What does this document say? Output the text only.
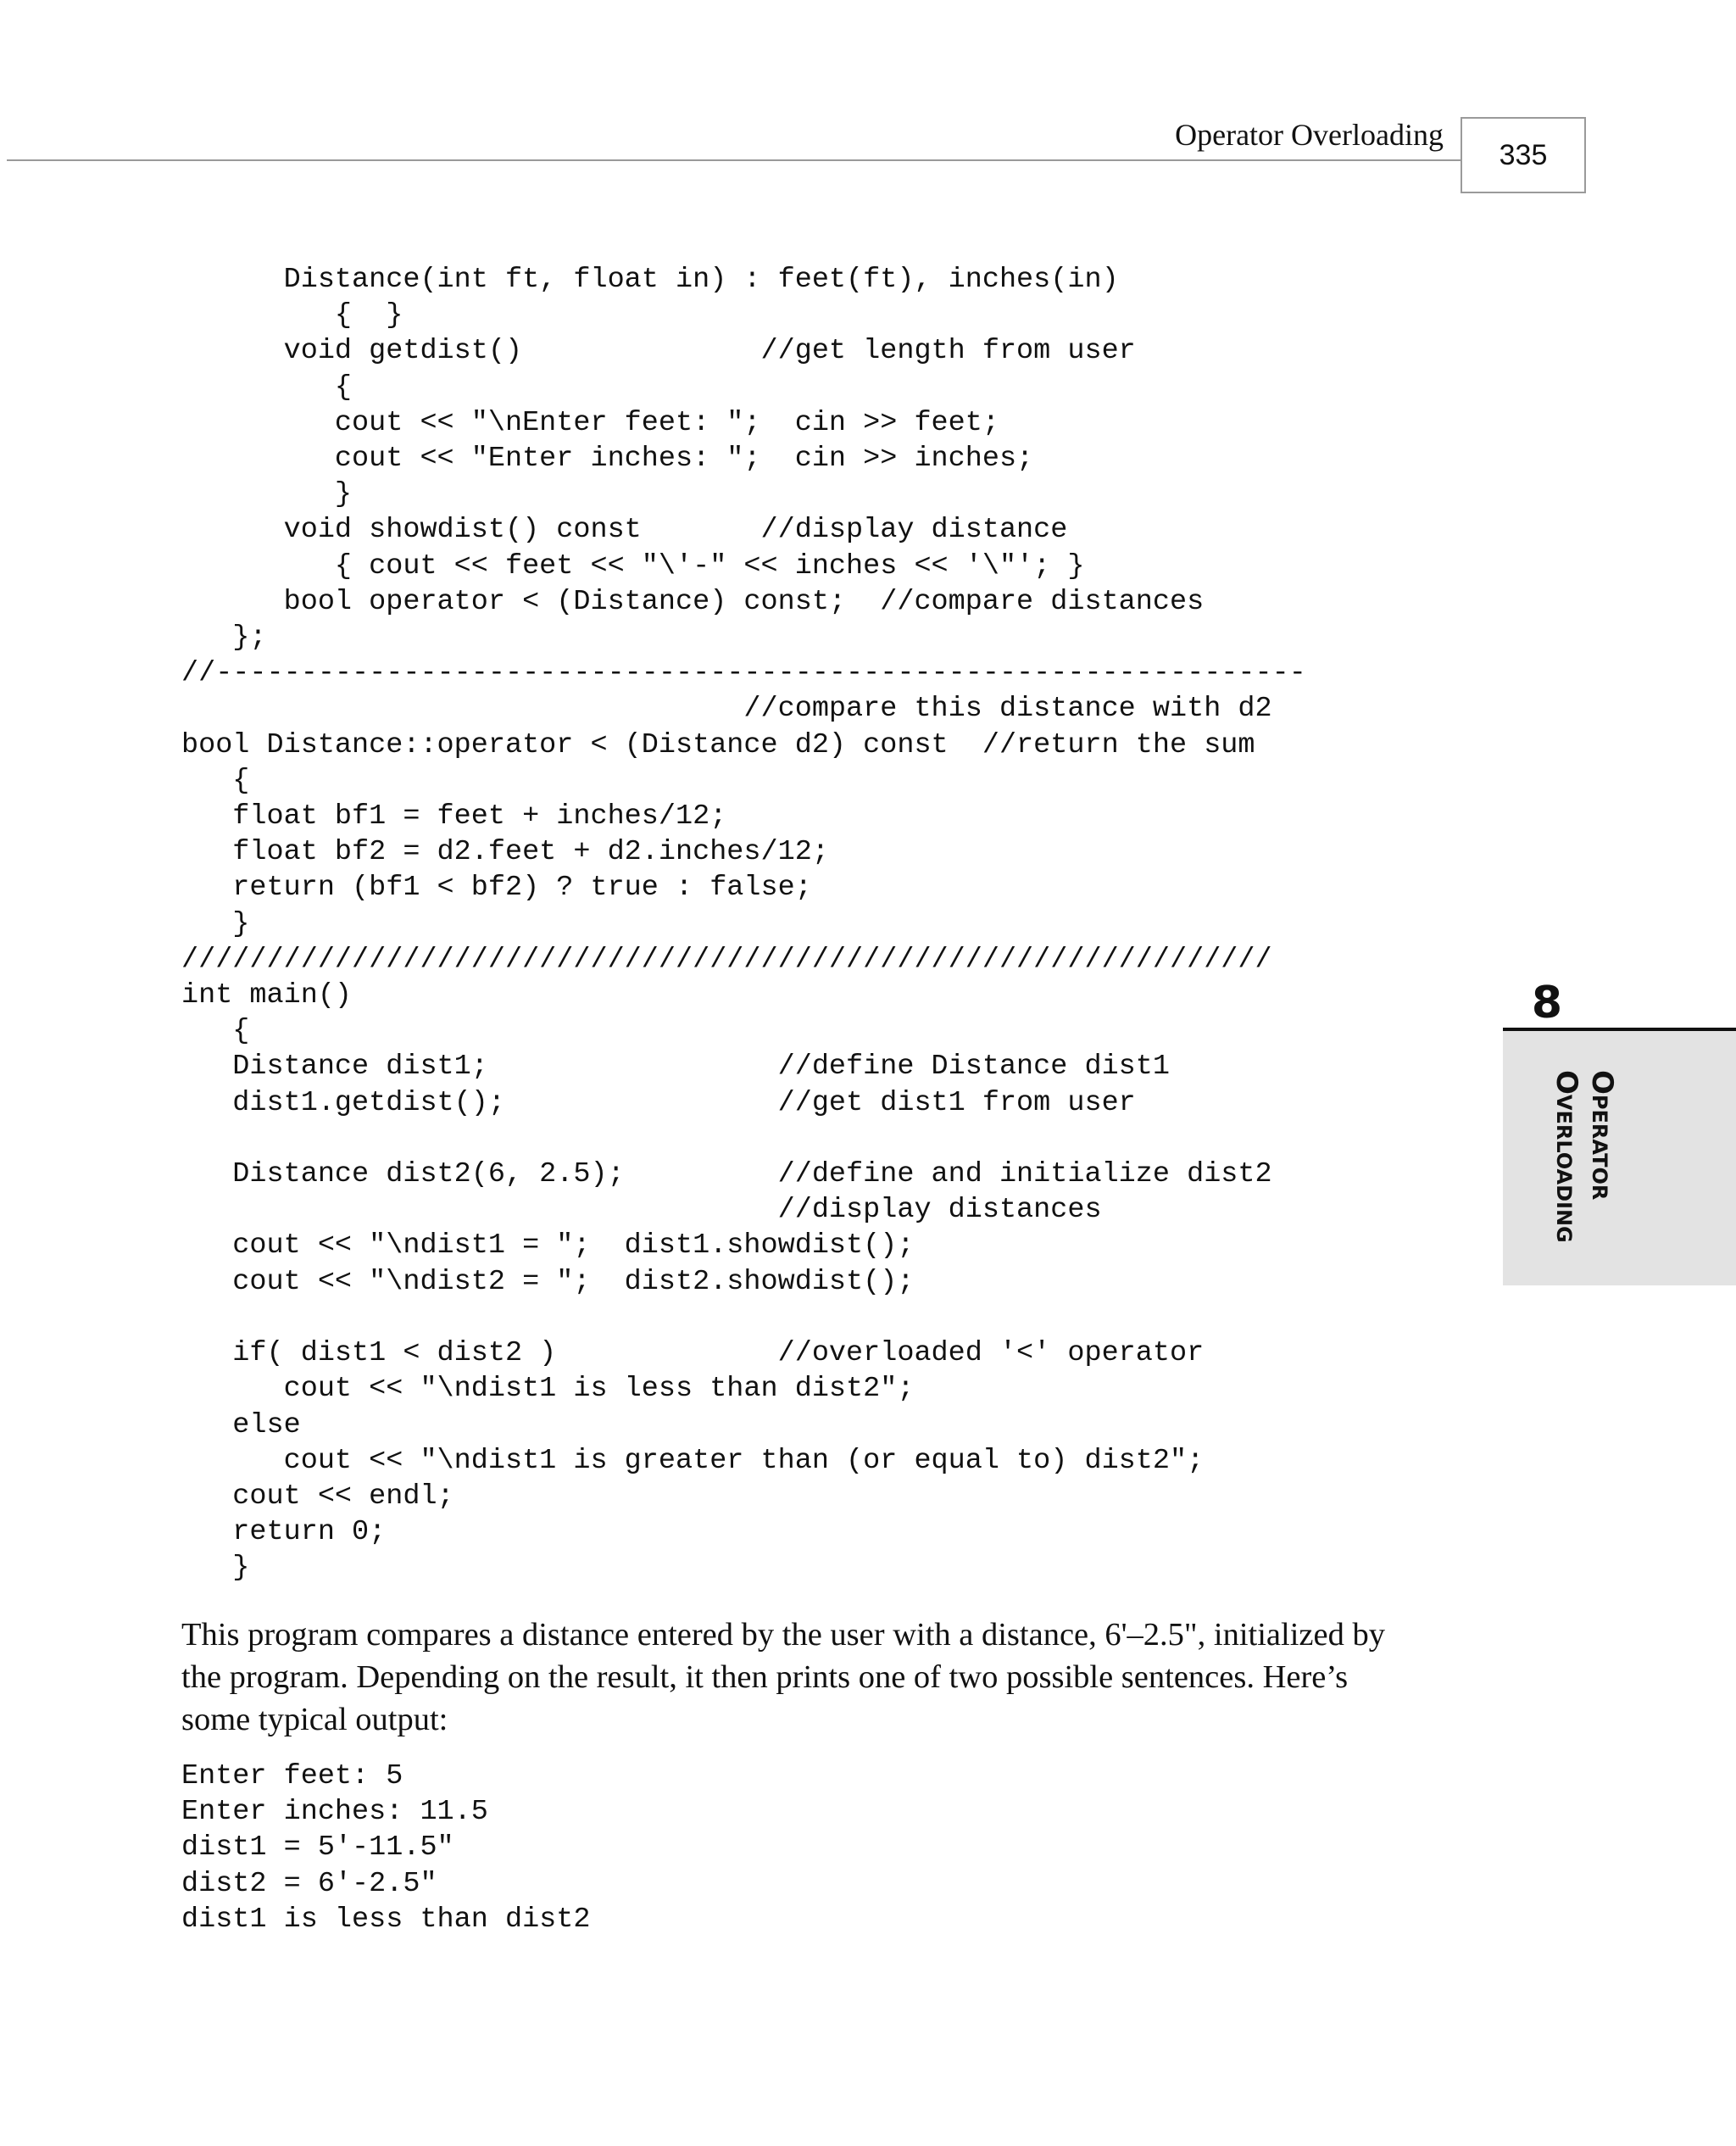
Operator Overloading
335
Distance(int ft, float in) : feet(ft), inches(in)
{  }
void getdist()              //get length from user
{
cout << "\nEnter feet: ";  cin >> feet;
cout << "Enter inches: ";  cin >> inches;
}
void showdist() const       //display distance
{ cout << feet << "\'-" << inches << '\"'; }
bool operator < (Distance) const;  //compare distances
};
//----------------------------------------------------------------
//compare this distance with d2
bool Distance::operator < (Distance d2) const  //return the sum
{
float bf1 = feet + inches/12;
float bf2 = d2.feet + d2.inches/12;
return (bf1 < bf2) ? true : false;
}
////////////////////////////////////////////////////////////////
int main()
{
Distance dist1;                 //define Distance dist1
dist1.getdist();                //get dist1 from user

Distance dist2(6, 2.5);         //define and initialize dist2
//display distances
cout << "\ndist1 = ";  dist1.showdist();
cout << "\ndist2 = ";  dist2.showdist();

if( dist1 < dist2 )             //overloaded '<' operator
cout << "\ndist1 is less than dist2";
else
cout << "\ndist1 is greater than (or equal to) dist2";
cout << endl;
return 0;
}

This program compares a distance entered by the user with a distance, 6'–2.5", initialized by the program. Depending on the result, it then prints one of two possible sentences. Here’s some typical output:

Enter feet: 5
Enter inches: 11.5
dist1 = 5'-11.5"
dist2 = 6'-2.5"
dist1 is less than dist2
8
Operator
Overloading
